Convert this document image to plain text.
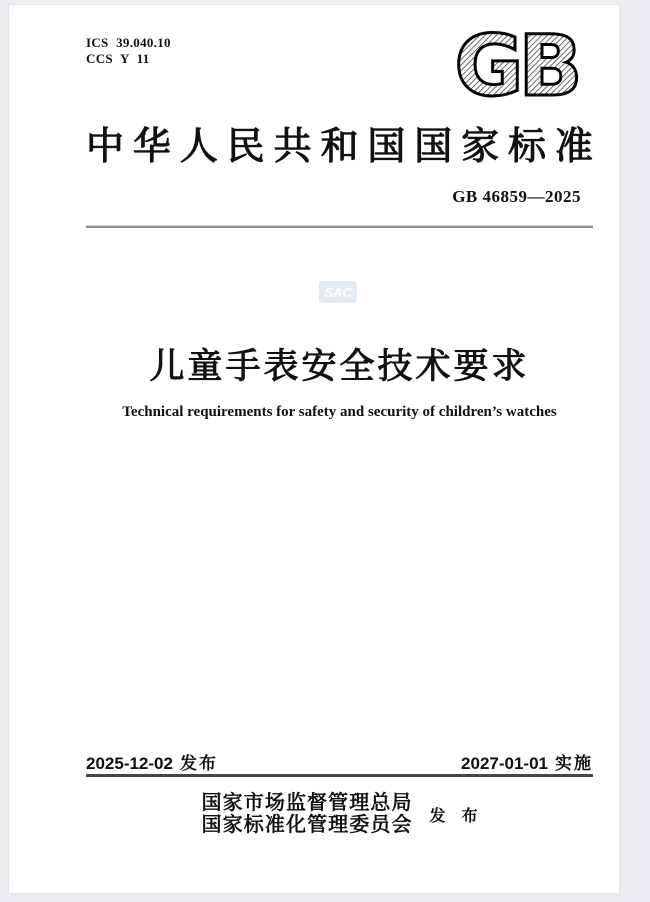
ICS 39.040.10
CCS Y 11	GB
中 华 人 民 共 和 国 国 家 标 准
GB 46859—2025
SAC
儿童手表安全技术要求
Technical requirements for safety and security of children’s watches
2025-12-02 发布	2027-01-01 实施
国 家 市 场 监 督 管 理 总 局
国 家 标 准 化 管 理 委 员 会 发 布
